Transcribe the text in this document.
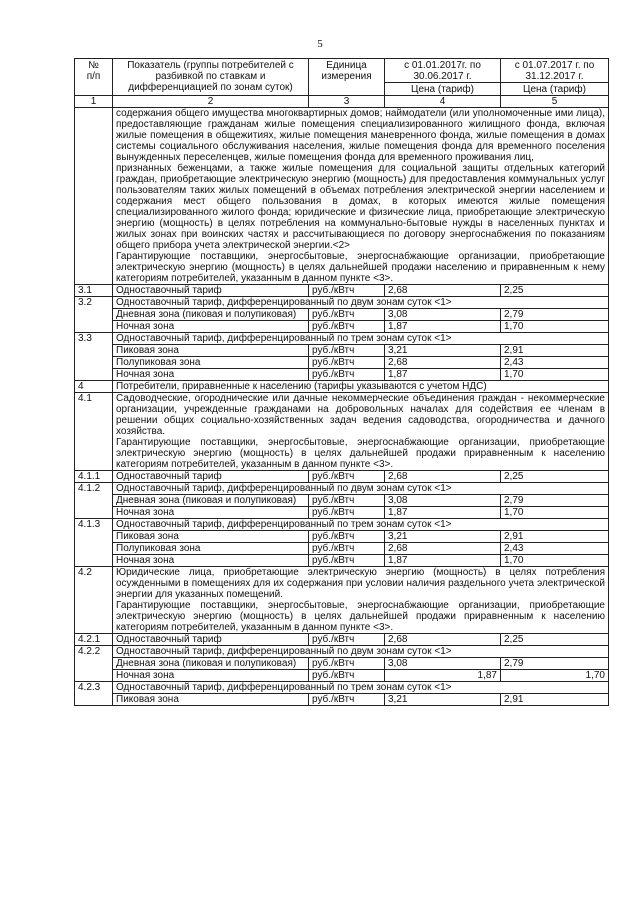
5
№
п/п	Показатель (группы потребителей с разбивкой по ставкам и дифференциацией по зонам суток)	Единица измерения	с 01.01.2017г. по 30.06.2017 г.	с 01.07.2017 г. по 31.12.2017 г.
			Цена (тариф)	Цена (тариф)
1	2	3	4	5
	содержания общего имущества многоквартирных домов; наймодатели (или уполномоченные ими лица), предоставляющие гражданам жилые помещения специализированного жилищного фонда, включая жилые помещения в общежитиях, жилые помещения маневренного фонда, жилые помещения в домах системы социального обслуживания населения, жилые помещения фонда для временного поселения вынужденных переселенцев, жилые помещения фонда для временного проживания лиц,
признанных беженцами, а также жилые помещения для социальной защиты отдельных категорий граждан, приобретающие электрическую энергию (мощность) для предоставления коммунальных услуг пользователям таких жилых помещений в объемах потребления электрической энергии населением и содержания мест общего пользования в домах, в которых имеются жилые помещения специализированного жилого фонда; юридические и физические лица, приобретающие электрическую энергию (мощность) в целях потребления на коммунально-бытовые нужды в населенных пунктах и жилых зонах при воинских частях и рассчитывающиеся по договору энергоснабжения по показаниям общего прибора учета электрической энергии.<2>
Гарантирующие поставщики, энергосбытовые, энергоснабжающие организации, приобретающие электрическую энергию (мощность) в целях дальнейшей продажи населению и приравненным к нему категориям потребителей, указанным в данном пункте <3>.			
3.1	Одноставочный тариф	руб./кВтч	2,68	2,25
3.2	Одноставочный тариф, дифференцированный по двум зонам суток <1>			
	Дневная зона (пиковая и полупиковая)	руб./кВтч	3,08	2,79
	Ночная зона	руб./кВтч	1,87	1,70
3.3	Одноставочный тариф, дифференцированный по трем зонам суток <1>			
	Пиковая зона	руб./кВтч	3,21	2,91
	Полупиковая зона	руб./кВтч	2,68	2,43
	Ночная зона	руб./кВтч	1,87	1,70
4	Потребители, приравненные к населению (тарифы указываются с учетом НДС)			
4.1	Садоводческие, огороднические или дачные некоммерческие объединения граждан - некоммерческие организации, учрежденные гражданами на добровольных началах для содействия ее членам в решении общих социально-хозяйственных задач ведения садоводства, огородничества и дачного хозяйства.
Гарантирующие поставщики, энергосбытовые, энергоснабжающие организации, приобретающие электрическую энергию (мощность) в целях дальнейшей продажи приравненным к населению категориям потребителей, указанным в данном пункте <3>.			
4.1.1	Одноставочный тариф	руб./кВтч	2,68	2,25
4.1.2	Одноставочный тариф, дифференцированный по двум зонам суток <1>			
	Дневная зона (пиковая и полупиковая)	руб./кВтч	3,08	2,79
	Ночная зона	руб./кВтч	1,87	1,70
4.1.3	Одноставочный тариф, дифференцированный по трем зонам суток <1>			
	Пиковая зона	руб./кВтч	3,21	2,91
	Полупиковая зона	руб./кВтч	2,68	2,43
	Ночная зона	руб./кВтч	1,87	1,70
4.2	Юридические лица, приобретающие электрическую энергию (мощность) в целях потребления осужденными в помещениях для их содержания при условии наличия раздельного учета электрической энергии для указанных помещений.
Гарантирующие поставщики, энергосбытовые, энергоснабжающие организации, приобретающие электрическую энергию (мощность) в целях дальнейшей продажи приравненным к населению категориям потребителей, указанным в данном пункте <3>.			
4.2.1	Одноставочный тариф	руб./кВтч	2,68	2,25
4.2.2	Одноставочный тариф, дифференцированный по двум зонам суток <1>			
	Дневная зона (пиковая и полупиковая)	руб./кВтч	3,08	2,79
	Ночная зона	руб./кВтч	1,87	1,70
4.2.3	Одноставочный тариф, дифференцированный по трем зонам суток <1>			
	Пиковая зона	руб./кВтч	3,21	2,91
